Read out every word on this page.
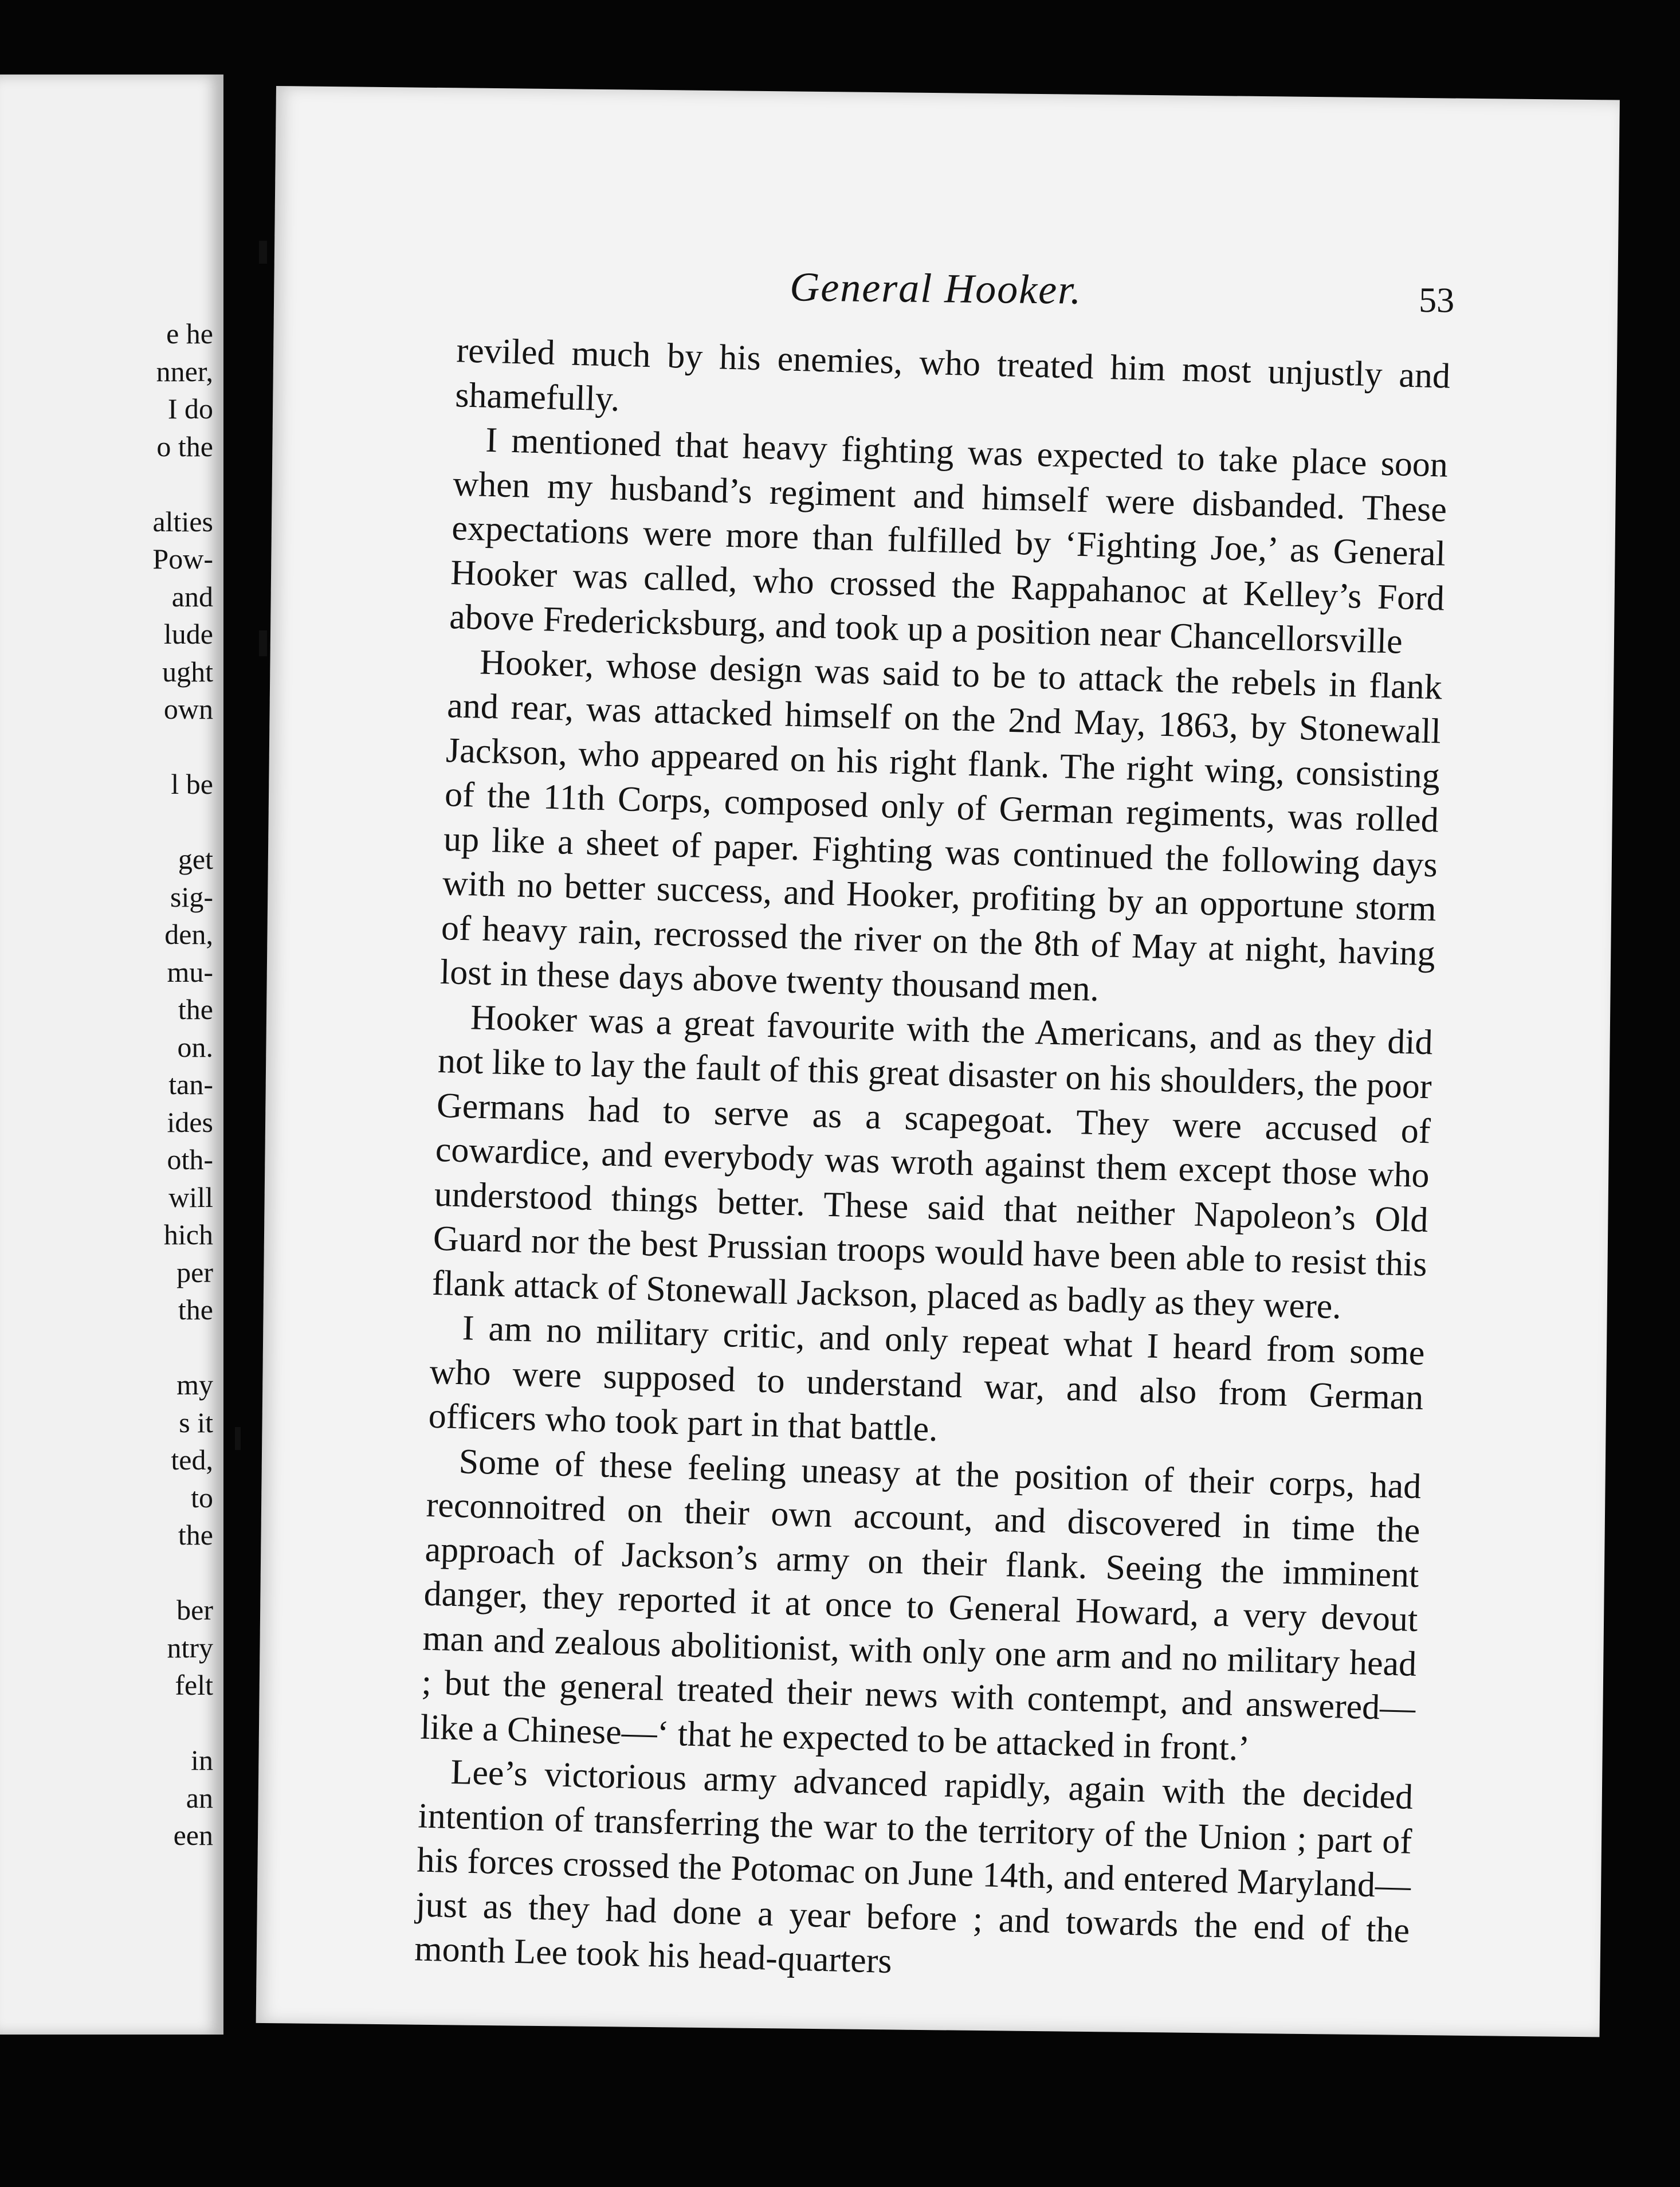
e he
nner,
I do
o the
alties
Pow-
and
lude
ught
own
l be
get
sig-
den,
mu-
the
on.
tan-
ides
oth-
will
hich
per
the
my
s it
ted,
to
the
ber
ntry
felt
in
an
een
General Hooker.	53

reviled much by his enemies, who treated him most unjustly and shamefully.

I mentioned that heavy fighting was expected to take place soon when my husband’s regiment and himself were disbanded. These expectations were more than fulfilled by ‘Fighting Joe,’ as General Hooker was called, who crossed the Rappahanoc at Kelley’s Ford above Fredericksburg, and took up a position near Chancellorsville

Hooker, whose design was said to be to attack the rebels in flank and rear, was attacked himself on the 2nd May, 1863, by Stonewall Jackson, who appeared on his right flank. The right wing, consisting of the 11th Corps, composed only of German regiments, was rolled up like a sheet of paper. Fighting was continued the following days with no better success, and Hooker, profiting by an opportune storm of heavy rain, recrossed the river on the 8th of May at night, having lost in these days above twenty thousand men.

Hooker was a great favourite with the Americans, and as they did not like to lay the fault of this great disaster on his shoulders, the poor Germans had to serve as a scapegoat. They were accused of cowardice, and everybody was wroth against them except those who understood things better. These said that neither Napoleon’s Old Guard nor the best Prussian troops would have been able to resist this flank attack of Stonewall Jackson, placed as badly as they were.

I am no military critic, and only repeat what I heard from some who were supposed to understand war, and also from German officers who took part in that battle.

Some of these feeling uneasy at the position of their corps, had reconnoitred on their own account, and discovered in time the approach of Jackson’s army on their flank. Seeing the imminent danger, they reported it at once to General Howard, a very devout man and zealous abolitionist, with only one arm and no military head ; but the general treated their news with contempt, and answered—like a Chinese—‘ that he expected to be attacked in front.’

Lee’s victorious army advanced rapidly, again with the decided intention of transferring the war to the territory of the Union ; part of his forces crossed the Potomac on June 14th, and entered Maryland—just as they had done a year before ; and towards the end of the month Lee took his head-quarters
